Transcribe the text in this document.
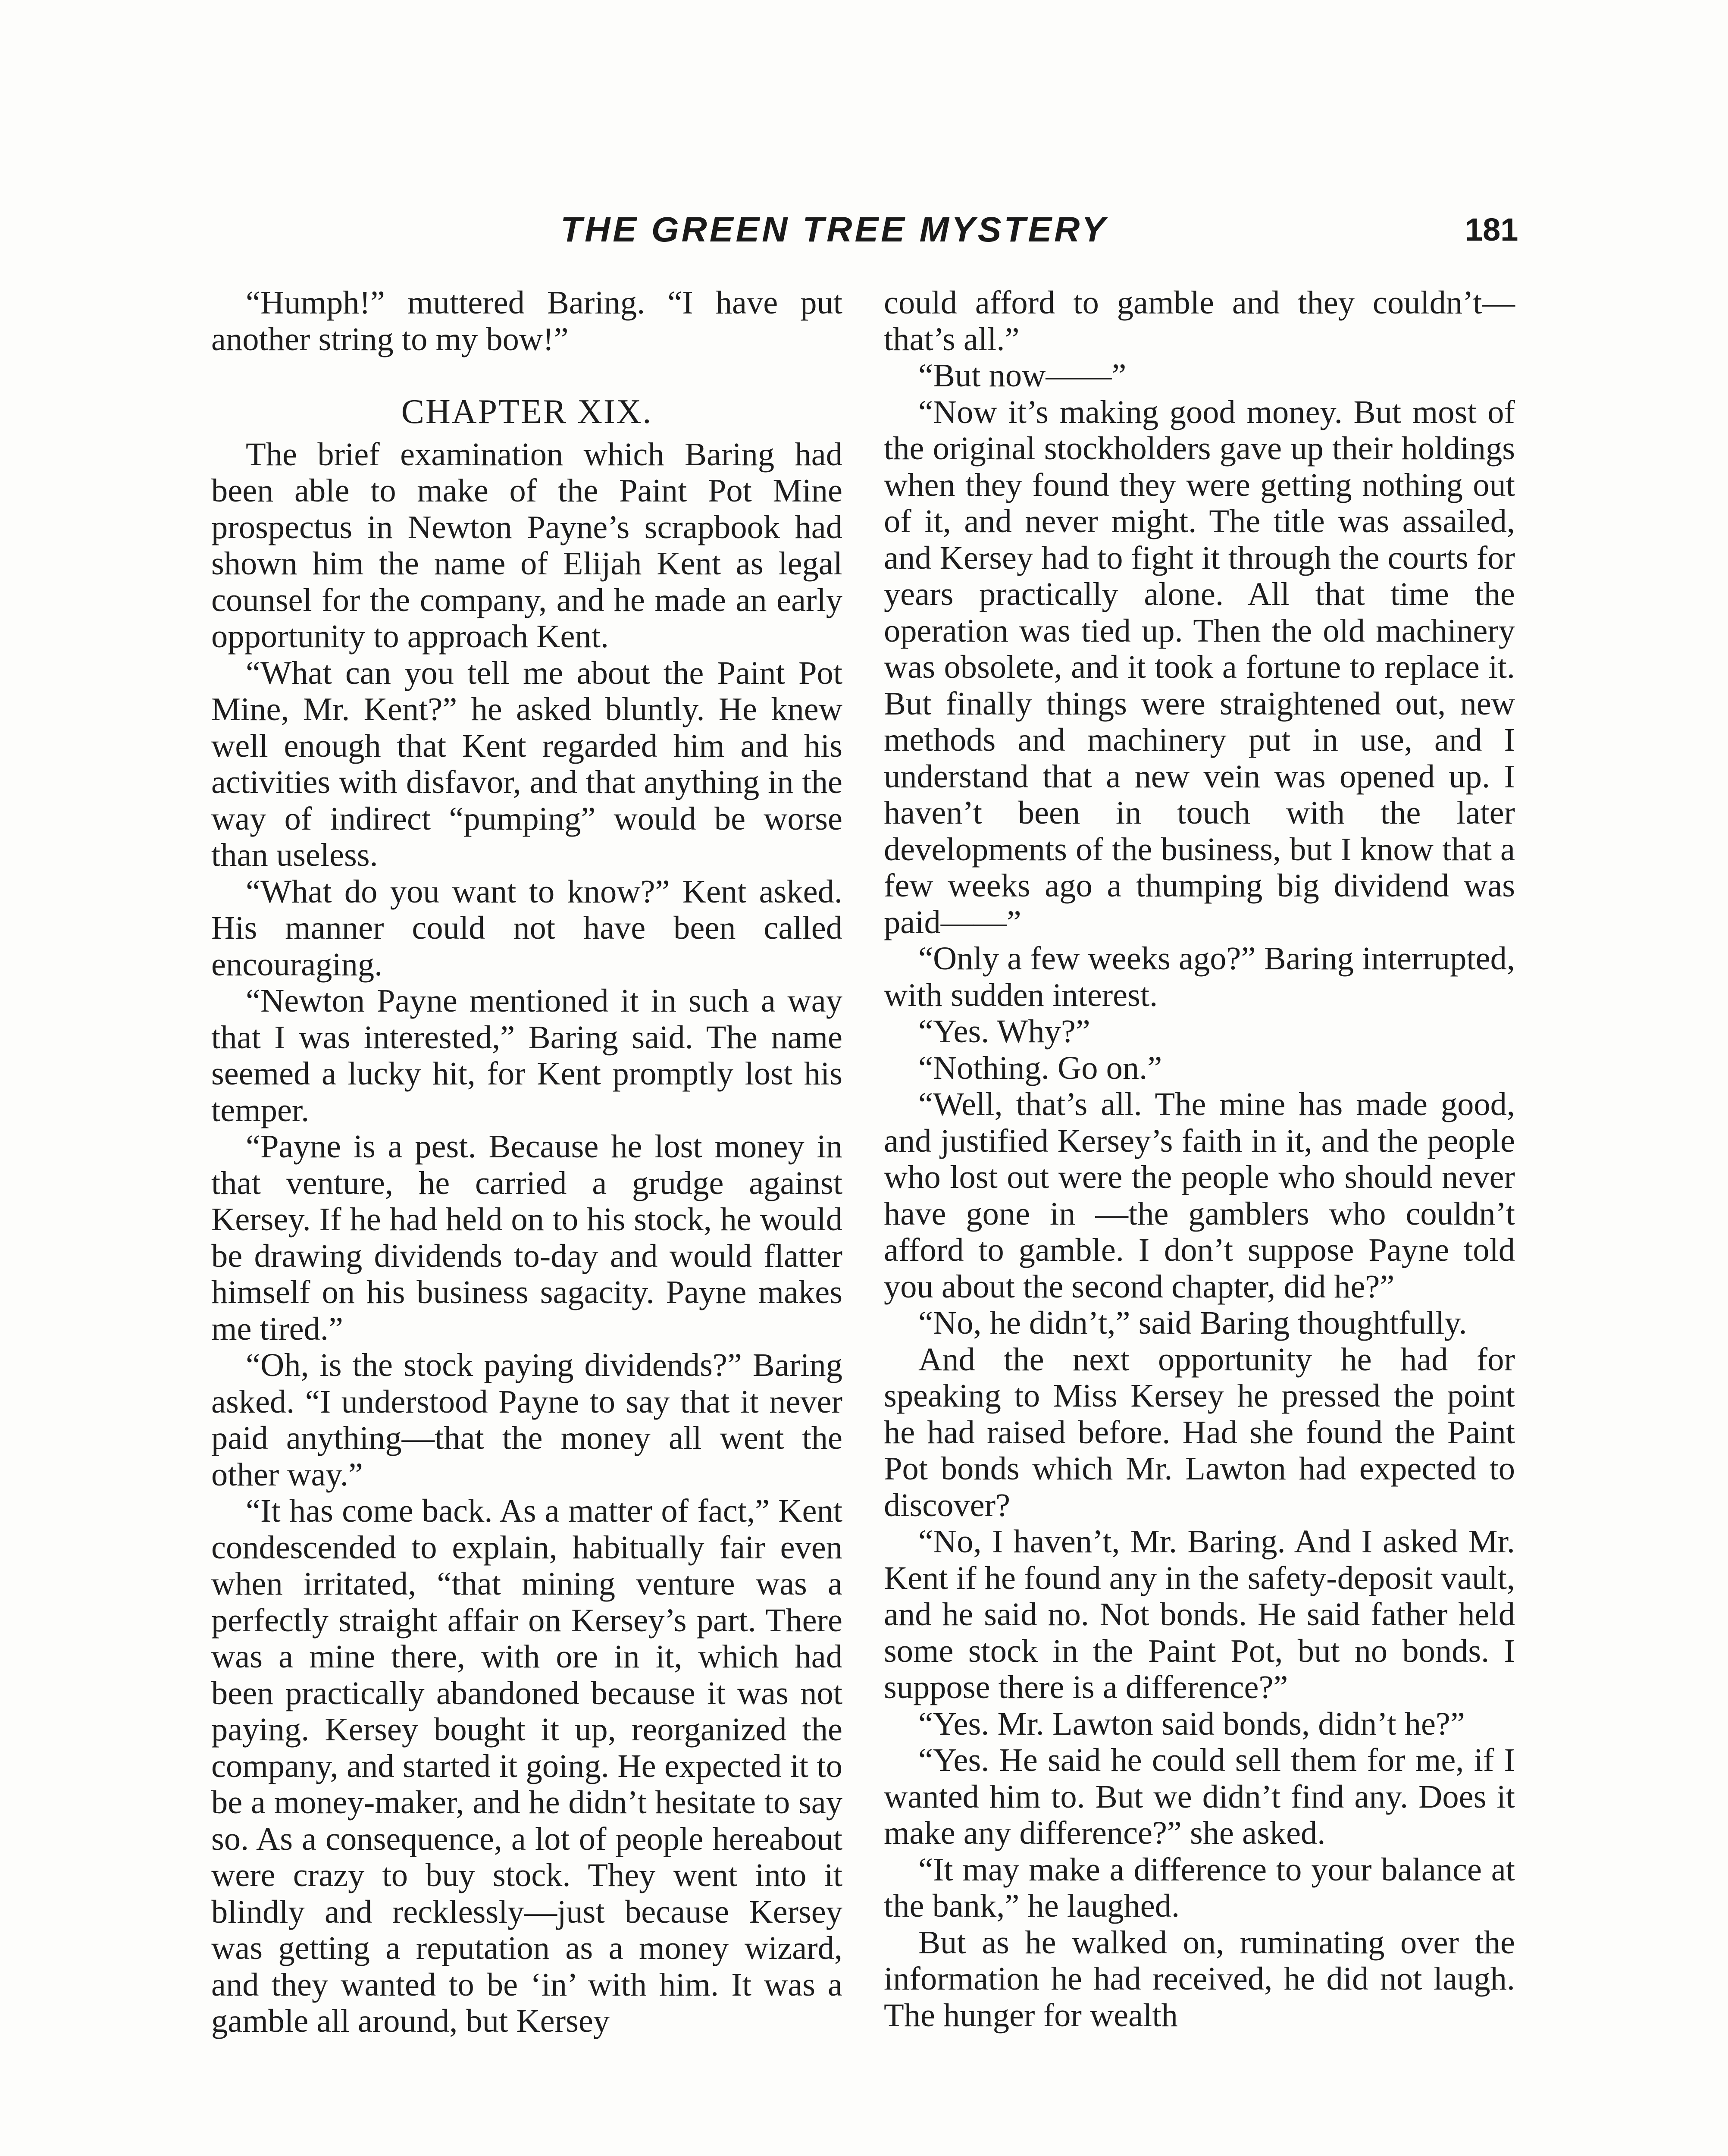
THE GREEN TREE MYSTERY	181

“Humph!” muttered Baring. “I have put another string to my bow!”

CHAPTER XIX.

The brief examination which Baring had been able to make of the Paint Pot Mine prospectus in Newton Payne’s scrapbook had shown him the name of Elijah Kent as legal counsel for the company, and he made an early opportunity to approach Kent.

“What can you tell me about the Paint Pot Mine, Mr. Kent?” he asked bluntly. He knew well enough that Kent regarded him and his activities with disfavor, and that anything in the way of indirect “pumping” would be worse than useless.

“What do you want to know?” Kent asked. His manner could not have been called encouraging.

“Newton Payne mentioned it in such a way that I was interested,” Baring said. The name seemed a lucky hit, for Kent promptly lost his temper.

“Payne is a pest. Because he lost money in that venture, he carried a grudge against Kersey. If he had held on to his stock, he would be drawing dividends to-day and would flatter himself on his business sagacity. Payne makes me tired.”

“Oh, is the stock paying dividends?” Baring asked. “I understood Payne to say that it never paid anything—that the money all went the other way.”

“It has come back. As a matter of fact,” Kent condescended to explain, habitually fair even when irritated, “that mining venture was a perfectly straight affair on Kersey’s part. There was a mine there, with ore in it, which had been practically abandoned because it was not paying. Kersey bought it up, reorganized the company, and started it going. He expected it to be a money-maker, and he didn’t hesitate to say so. As a consequence, a lot of people hereabout were crazy to buy stock. They went into it blindly and recklessly—just because Kersey was getting a reputation as a money wizard, and they wanted to be ‘in’ with him. It was a gamble all around, but Kersey

could afford to gamble and they couldn’t—that’s all.”

“But now——”

“Now it’s making good money. But most of the original stockholders gave up their holdings when they found they were getting nothing out of it, and never might. The title was assailed, and Kersey had to fight it through the courts for years practically alone. All that time the operation was tied up. Then the old machinery was obsolete, and it took a fortune to replace it. But finally things were straightened out, new methods and machinery put in use, and I understand that a new vein was opened up. I haven’t been in touch with the later developments of the business, but I know that a few weeks ago a thumping big dividend was paid——”

“Only a few weeks ago?” Baring interrupted, with sudden interest.

“Yes. Why?”

“Nothing. Go on.”

“Well, that’s all. The mine has made good, and justified Kersey’s faith in it, and the people who lost out were the people who should never have gone in —the gamblers who couldn’t afford to gamble. I don’t suppose Payne told you about the second chapter, did he?”

“No, he didn’t,” said Baring thoughtfully.

And the next opportunity he had for speaking to Miss Kersey he pressed the point he had raised before. Had she found the Paint Pot bonds which Mr. Lawton had expected to discover?

“No, I haven’t, Mr. Baring. And I asked Mr. Kent if he found any in the safety-deposit vault, and he said no. Not bonds. He said father held some stock in the Paint Pot, but no bonds. I suppose there is a difference?”

“Yes. Mr. Lawton said bonds, didn’t he?”

“Yes. He said he could sell them for me, if I wanted him to. But we didn’t find any. Does it make any difference?” she asked.

“It may make a difference to your balance at the bank,” he laughed.

But as he walked on, ruminating over the information he had received, he did not laugh. The hunger for wealth
